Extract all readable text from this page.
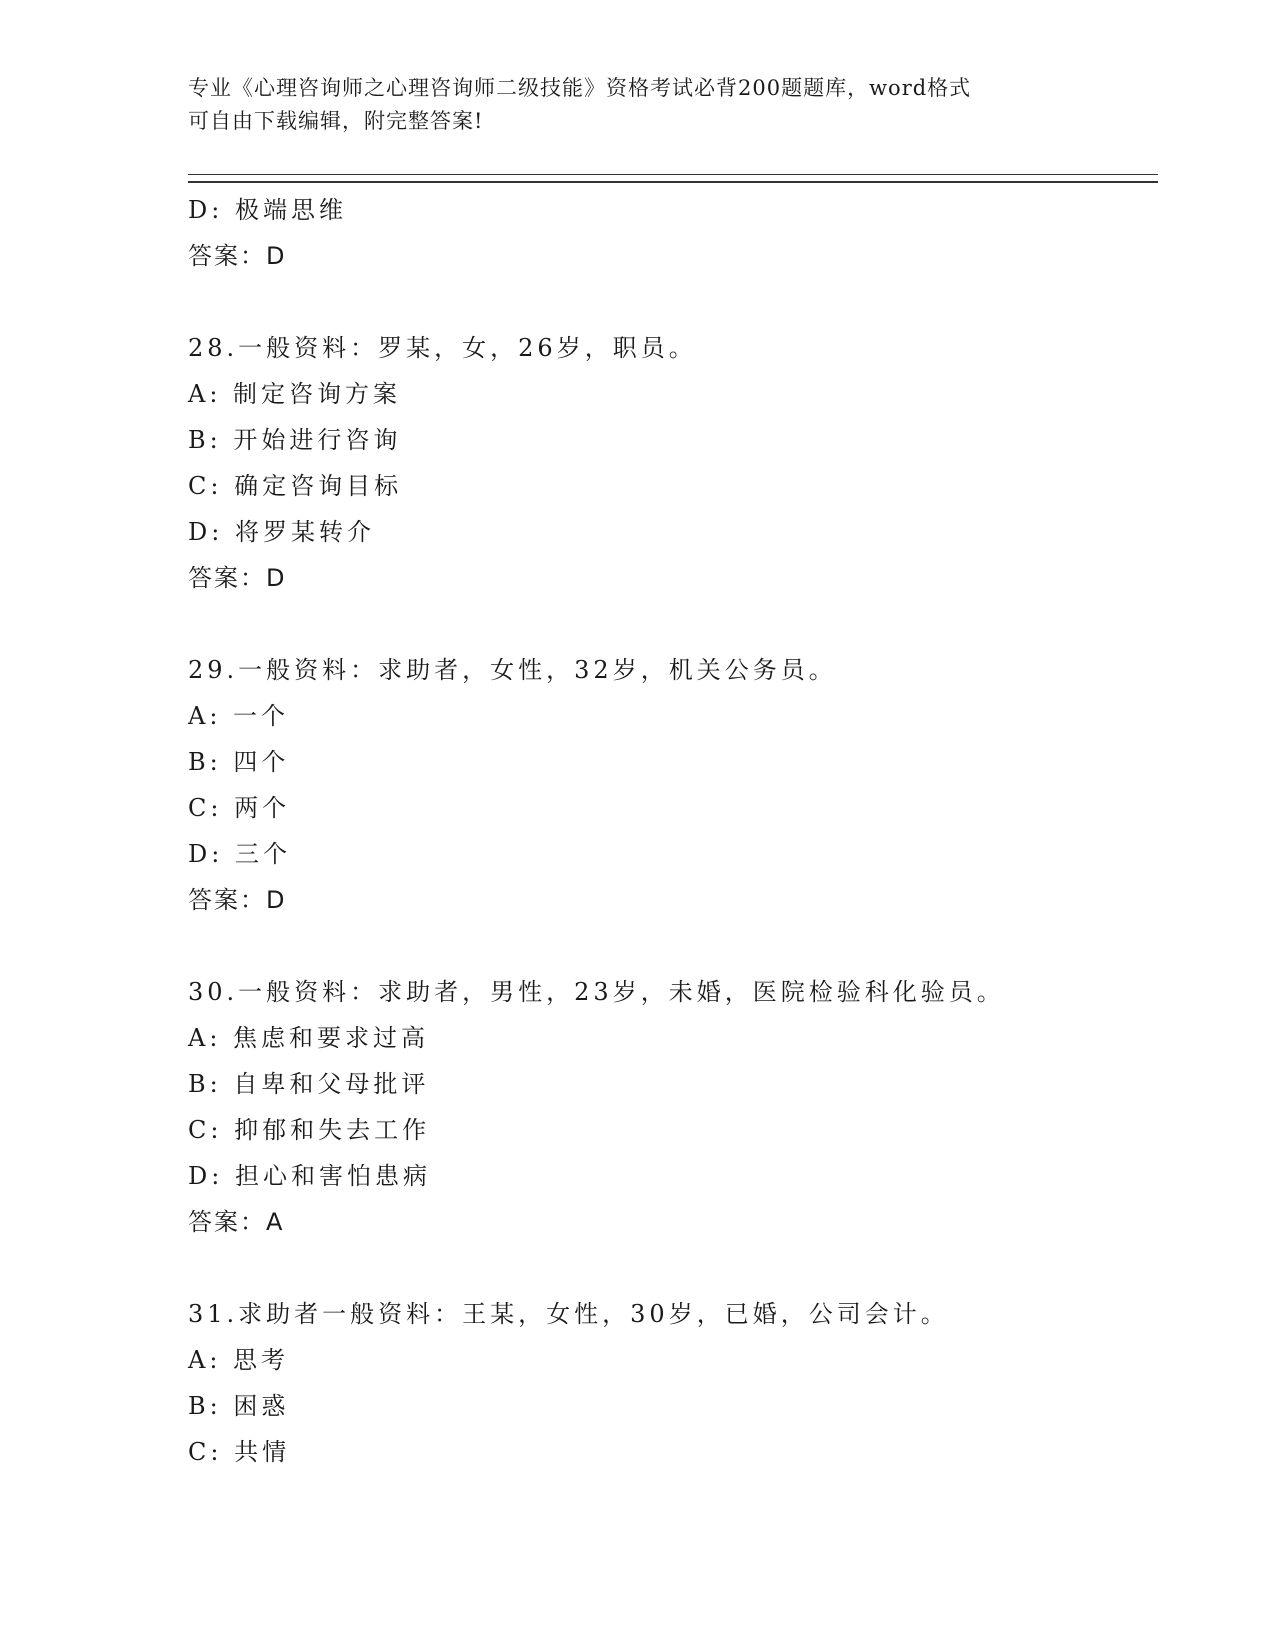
专业《心理咨询师之心理咨询师二级技能》资格考试必背200题题库，word格式
可自由下载编辑，附完整答案!
D: 极端思维
答案：D
28.一般资料：罗某，女，26岁，职员。
A: 制定咨询方案
B: 开始进行咨询
C: 确定咨询目标
D: 将罗某转介
答案：D
29.一般资料：求助者，女性，32岁，机关公务员。
A: 一个
B: 四个
C: 两个
D: 三个
答案：D
30.一般资料：求助者，男性，23岁，未婚，医院检验科化验员。
A: 焦虑和要求过高
B: 自卑和父母批评
C: 抑郁和失去工作
D: 担心和害怕患病
答案：A
31.求助者一般资料：王某，女性，30岁，已婚，公司会计。
A: 思考
B: 困惑
C: 共情
